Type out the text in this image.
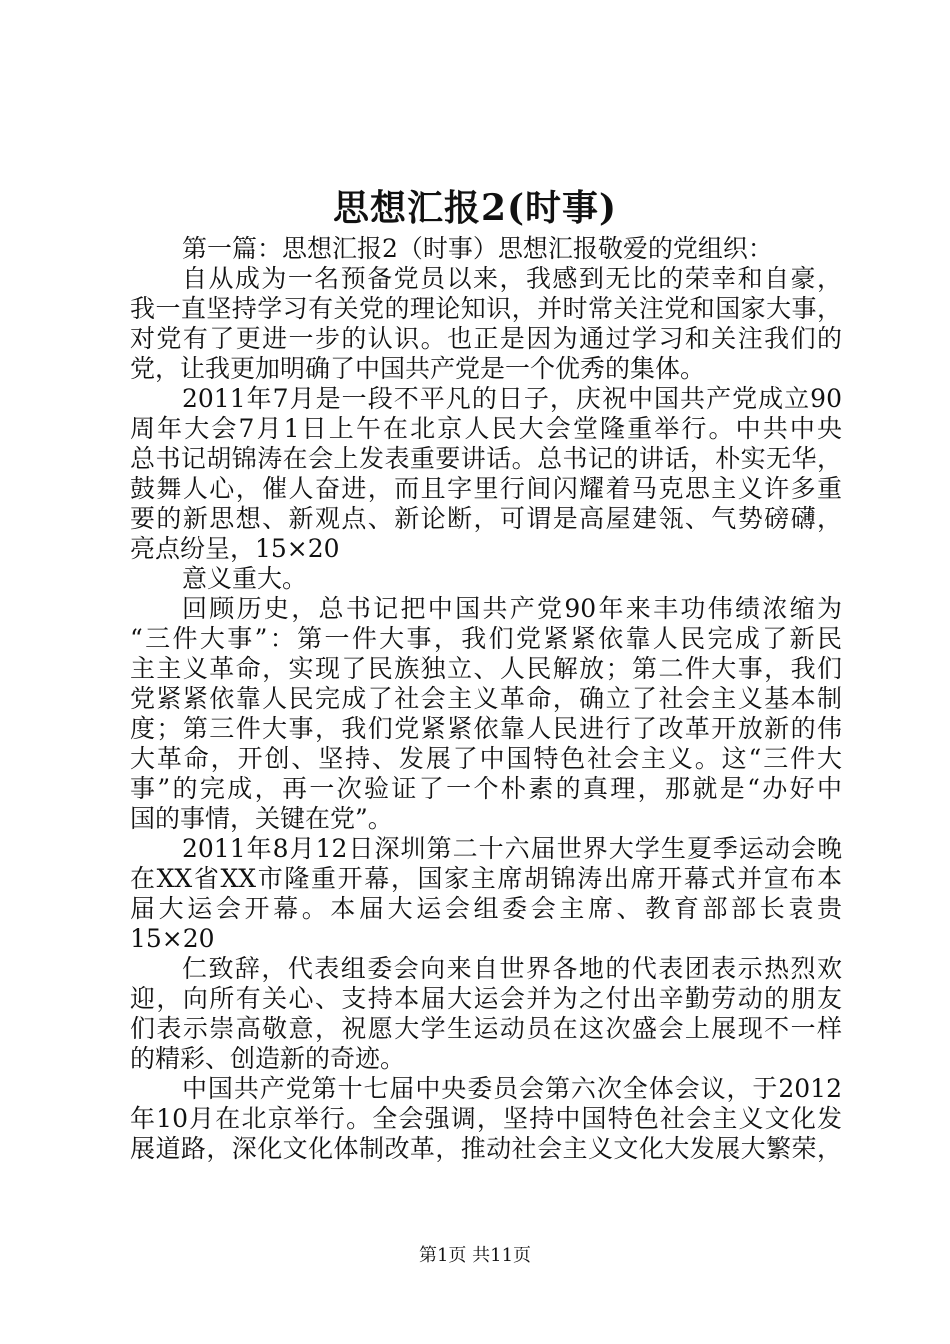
思想汇报2(时事)
第一篇：思想汇报2（时事）思想汇报敬爱的党组织：
自从成为一名预备党员以来，我感到无比的荣幸和自豪，
我一直坚持学习有关党的理论知识，并时常关注党和国家大事，
对党有了更进一步的认识。也正是因为通过学习和关注我们的
党，让我更加明确了中国共产党是一个优秀的集体。
2011年7月是一段不平凡的日子，庆祝中国共产党成立90
周年大会7月1日上午在北京人民大会堂隆重举行。中共中央
总书记胡锦涛在会上发表重要讲话。总书记的讲话，朴实无华，
鼓舞人心，催人奋进，而且字里行间闪耀着马克思主义许多重
要的新思想、新观点、新论断，可谓是高屋建瓴、气势磅礴，
亮点纷呈，15×20
意义重大。
回顾历史，总书记把中国共产党90年来丰功伟绩浓缩为
“三件大事”：第一件大事，我们党紧紧依靠人民完成了新民
主主义革命，实现了民族独立、人民解放；第二件大事，我们
党紧紧依靠人民完成了社会主义革命，确立了社会主义基本制
度；第三件大事，我们党紧紧依靠人民进行了改革开放新的伟
大革命，开创、坚持、发展了中国特色社会主义。这“三件大
事”的完成，再一次验证了一个朴素的真理，那就是“办好中
国的事情，关键在党”。
2011年8月12日深圳第二十六届世界大学生夏季运动会晚
在XX省XX市隆重开幕，国家主席胡锦涛出席开幕式并宣布本
届大运会开幕。本届大运会组委会主席、教育部部长袁贵
15×20
仁致辞，代表组委会向来自世界各地的代表团表示热烈欢
迎，向所有关心、支持本届大运会并为之付出辛勤劳动的朋友
们表示崇高敬意，祝愿大学生运动员在这次盛会上展现不一样
的精彩、创造新的奇迹。
中国共产党第十七届中央委员会第六次全体会议，于2012
年10月在北京举行。全会强调，坚持中国特色社会主义文化发
展道路，深化文化体制改革，推动社会主义文化大发展大繁荣，
第1页 共11页
